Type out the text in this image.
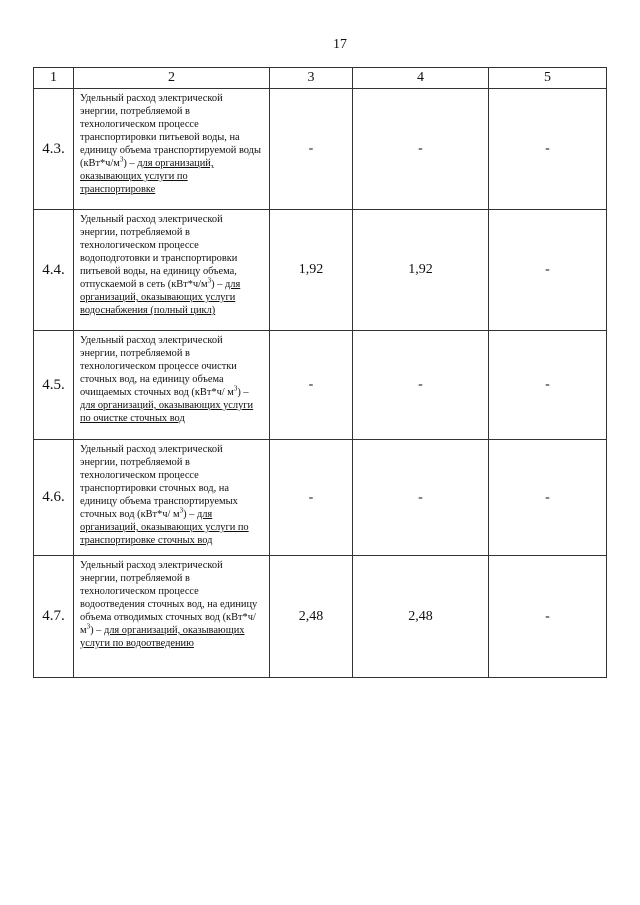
17
1	2	3	4	5
4.3.	Удельный расход электрической энергии, потребляемой в технологическом процессе транспортировки питьевой воды, на единицу объема транспортируемой воды $(кВт*ч/м^3)$ – для организаций, оказывающих услуги по транспортировке	-	-	-
4.4.	Удельный расход электрической энергии, потребляемой в технологическом процессе водоподготовки и транспортировки питьевой воды, на единицу объема, отпускаемой в сеть $(кВт*ч/м^3)$ – для организаций, оказывающих услуги водоснабжения (полный цикл)	1,92	1,92	-
4.5.	Удельный расход электрической энергии, потребляемой в технологическом процессе очистки сточных вод, на единицу объема очищаемых сточных вод (кВт*ч/ $м^3$) – для организаций, оказывающих услуги по очистке сточных вод	-	-	-
4.6.	Удельный расход электрической энергии, потребляемой в технологическом процессе транспортировки сточных вод, на единицу объема транспортируемых сточных вод (кВт*ч/ $м^3$) – для организаций, оказывающих услуги по транспортировке сточных вод	-	-	-
4.7.	Удельный расход электрической энергии, потребляемой в технологическом процессе водоотведения сточных вод, на единицу объема отводимых сточных вод (кВт*ч/ $м^3$) – для организаций, оказывающих услуги по водоотведению	2,48	2,48	-
